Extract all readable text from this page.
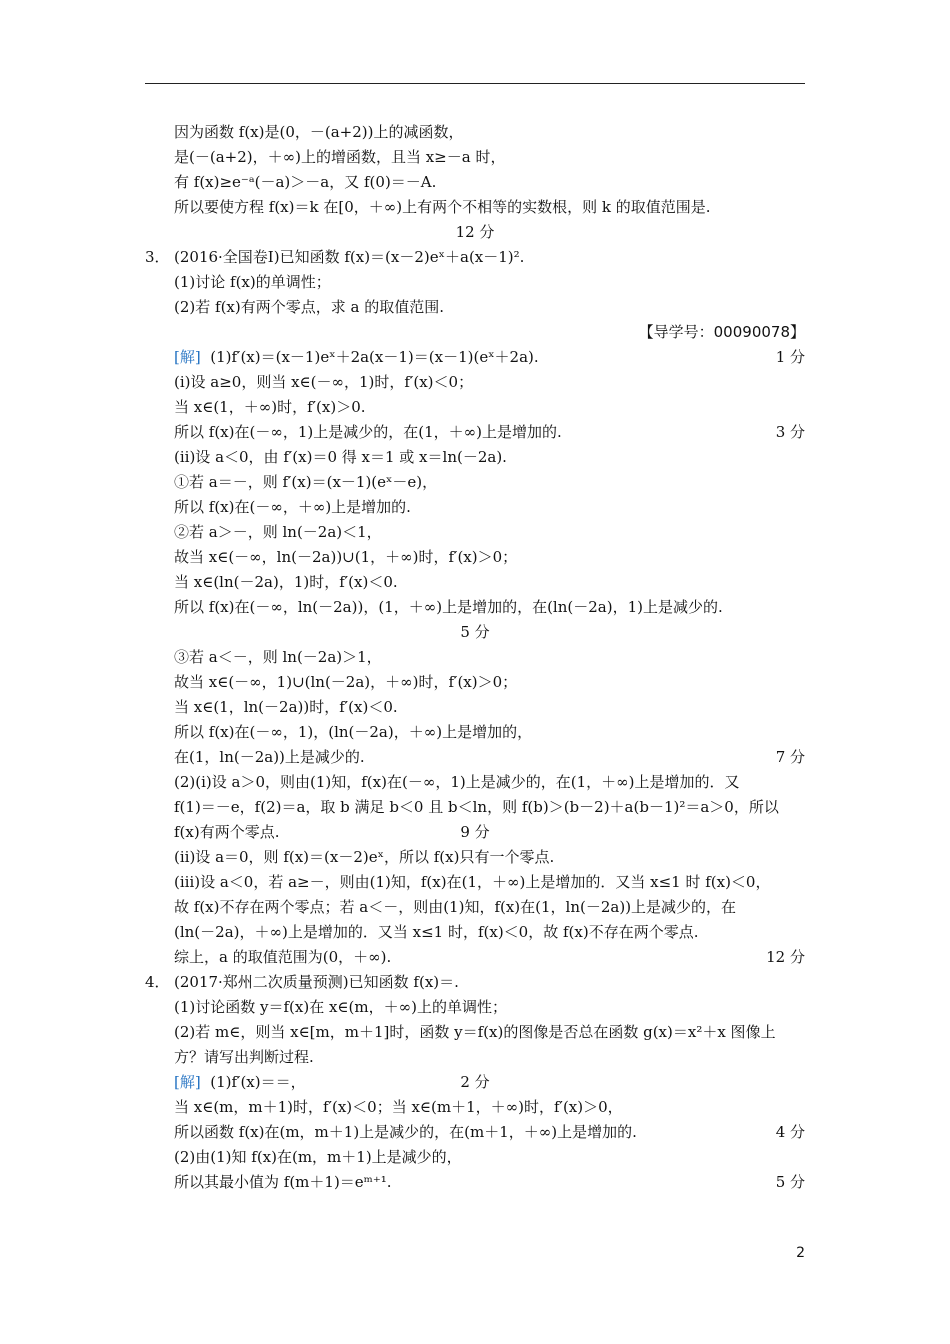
因为函数 f(x)是(0，－(a+2))上的减函数，
是(－(a+2)，＋∞)上的增函数，且当 x≥－a 时，
有 f(x)≥e⁻ᵃ(－a)＞－a，又 f(0)＝－A.
所以要使方程 f(x)＝k 在[0，＋∞)上有两个不相等的实数根，则 k 的取值范围是.
12 分
3． (2016·全国卷Ⅰ)已知函数 f(x)＝(x－2)eˣ＋a(x－1)².
(1)讨论 f(x)的单调性；
(2)若 f(x)有两个零点，求 a 的取值范围.
【导学号：00090078】
[解]  (1)f′(x)＝(x－1)eˣ＋2a(x－1)＝(x－1)(eˣ＋2a).	1 分
(ⅰ)设 a≥0，则当 x∈(－∞，1)时，f′(x)＜0；
当 x∈(1，＋∞)时，f′(x)＞0.
所以 f(x)在(－∞，1)上是减少的，在(1，＋∞)上是增加的.	3 分
(ⅱ)设 a＜0，由 f′(x)＝0 得 x＝1 或 x＝ln(－2a).
①若 a＝－，则 f′(x)＝(x－1)(eˣ－e)，
所以 f(x)在(－∞，＋∞)上是增加的.
②若 a＞－，则 ln(－2a)＜1，
故当 x∈(－∞，ln(－2a))∪(1，＋∞)时，f′(x)＞0；
当 x∈(ln(－2a)，1)时，f′(x)＜0.
所以 f(x)在(－∞，ln(－2a))，(1，＋∞)上是增加的，在(ln(－2a)，1)上是减少的.
5 分
③若 a＜－，则 ln(－2a)＞1，
故当 x∈(－∞，1)∪(ln(－2a)，＋∞)时，f′(x)＞0；
当 x∈(1，ln(－2a))时，f′(x)＜0.
所以 f(x)在(－∞，1)，(ln(－2a)，＋∞)上是增加的，
在(1，ln(－2a))上是减少的.	7 分
(2)(ⅰ)设 a＞0，则由(1)知，f(x)在(－∞，1)上是减少的，在(1，＋∞)上是增加的．又
f(1)＝－e，f(2)＝a，取 b 满足 b＜0 且 b＜ln，则 f(b)＞(b－2)＋a(b－1)²＝a＞0，所以
f(x)有两个零点.	9 分
(ⅱ)设 a＝0，则 f(x)＝(x－2)eˣ，所以 f(x)只有一个零点.
(ⅲ)设 a＜0，若 a≥－，则由(1)知，f(x)在(1，＋∞)上是增加的．又当 x≤1 时 f(x)＜0，
故 f(x)不存在两个零点；若 a＜－，则由(1)知，f(x)在(1，ln(－2a))上是减少的，在
(ln(－2a)，＋∞)上是增加的．又当 x≤1 时，f(x)＜0，故 f(x)不存在两个零点.
综上，a 的取值范围为(0，＋∞).	12 分
4． (2017·郑州二次质量预测)已知函数 f(x)＝.
(1)讨论函数 y＝f(x)在 x∈(m，＋∞)上的单调性；
(2)若 m∈，则当 x∈[m，m＋1]时，函数 y＝f(x)的图像是否总在函数 g(x)＝x²＋x 图像上
方？请写出判断过程.
[解]  (1)f′(x)＝＝，	2 分
当 x∈(m，m＋1)时，f′(x)＜0；当 x∈(m＋1，＋∞)时，f′(x)＞0，
所以函数 f(x)在(m，m＋1)上是减少的，在(m＋1，＋∞)上是增加的.	4 分
(2)由(1)知 f(x)在(m，m＋1)上是减少的，
所以其最小值为 f(m＋1)＝eᵐ⁺¹.	5 分
2
